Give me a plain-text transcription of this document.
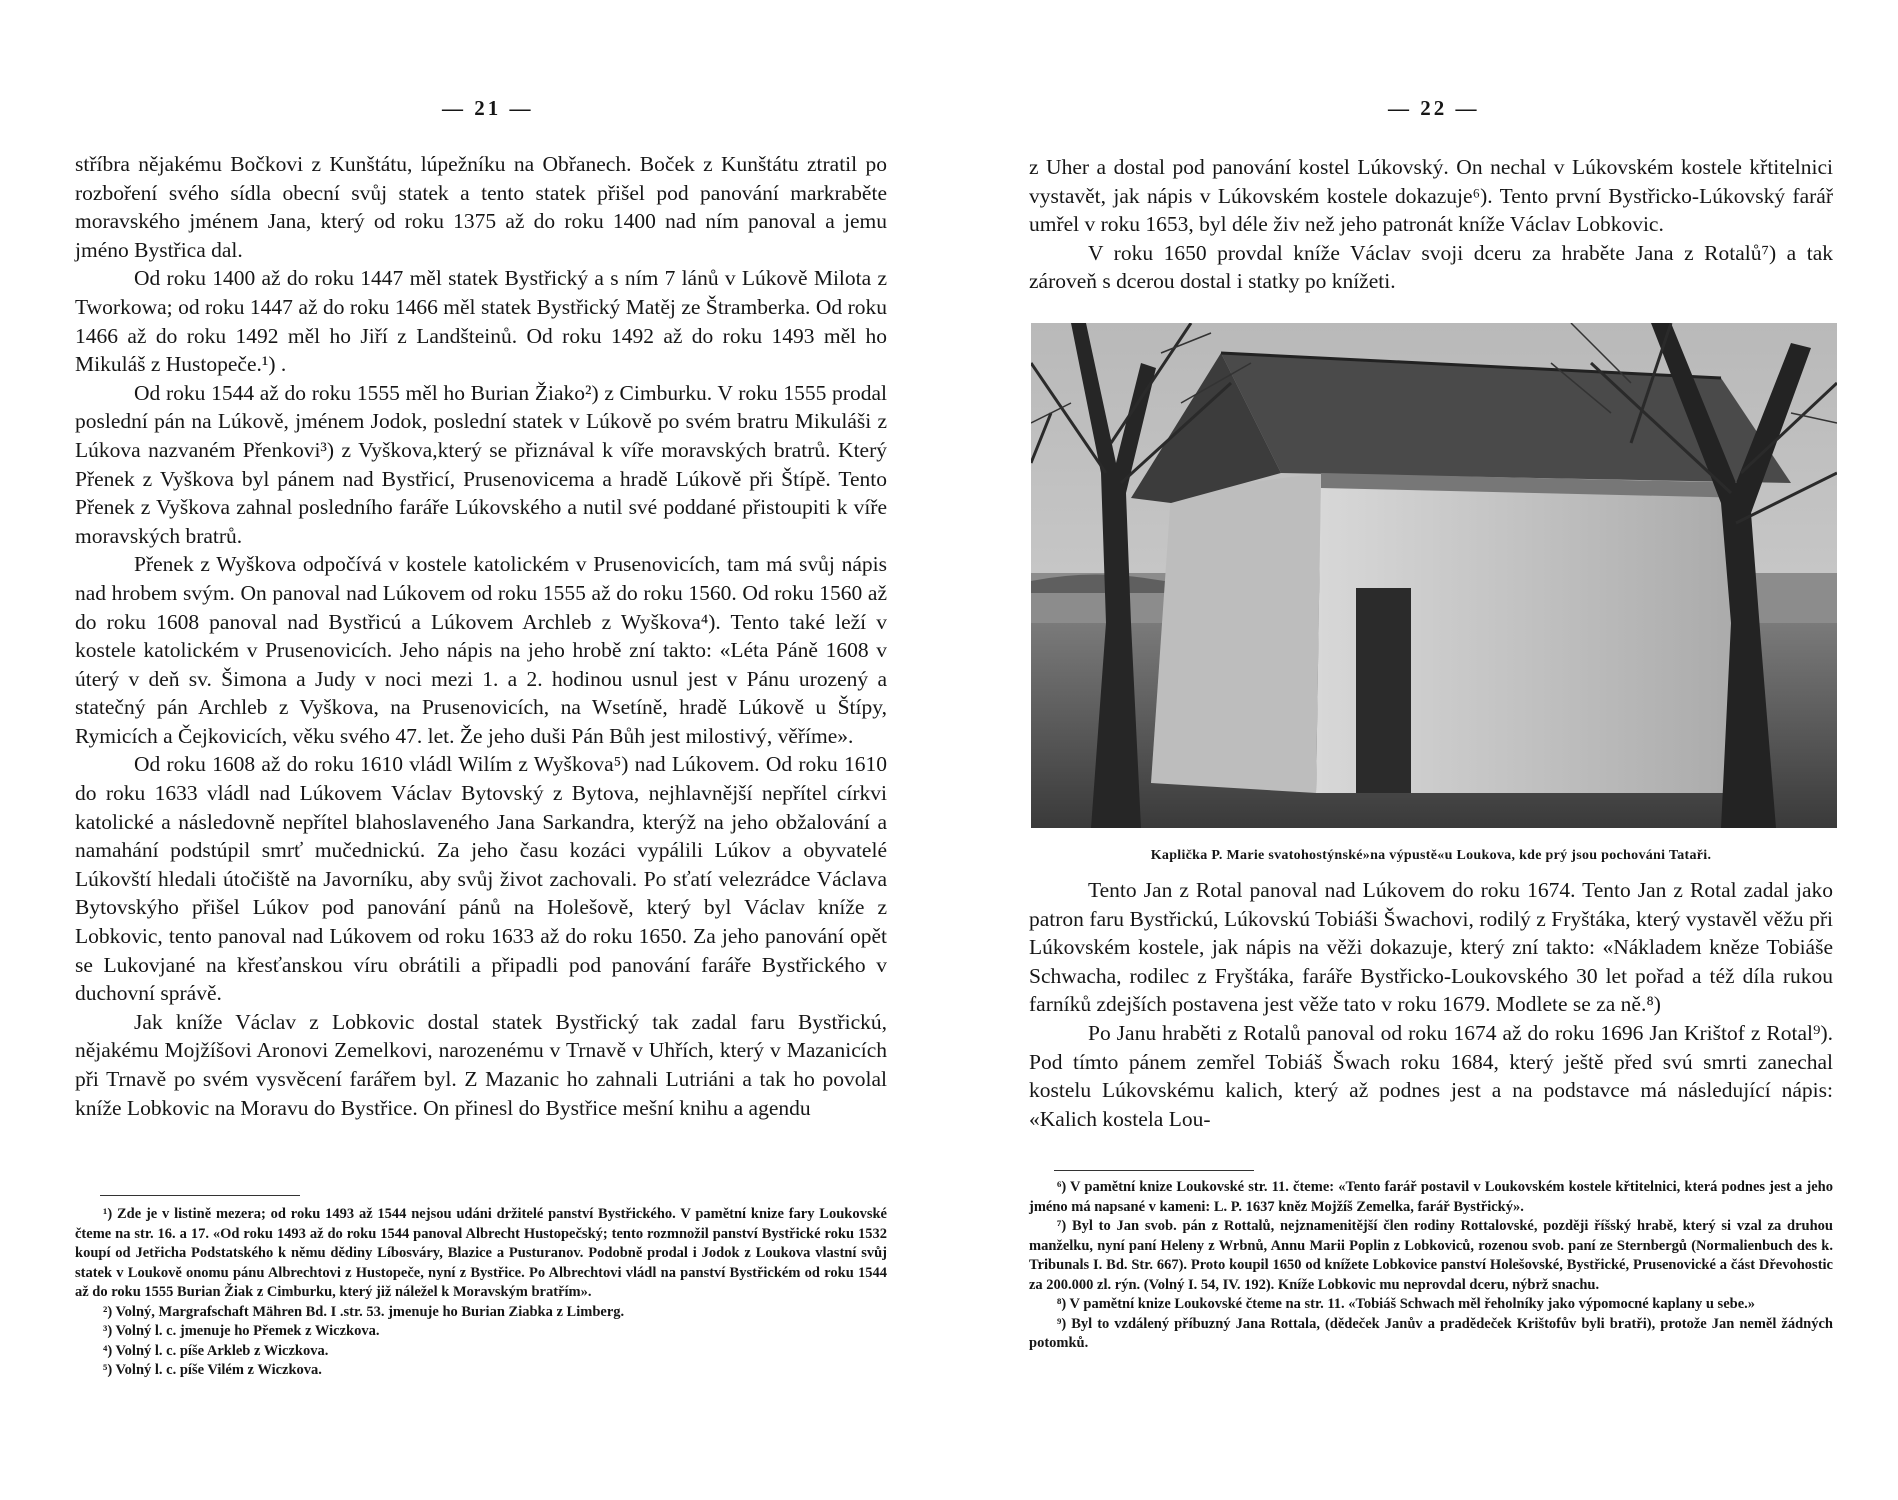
— 21 —

stříbra nějakému Bočkovi z Kunštátu, lúpežníku na Obřanech. Boček z Kunštátu ztratil po rozboření svého sídla obecní svůj statek a tento statek přišel pod panování markraběte moravského jménem Jana, který od roku 1375 až do roku 1400 nad ním panoval a jemu jméno Bystřica dal.

Od roku 1400 až do roku 1447 měl statek Bystřický a s ním 7 lánů v Lúkově Milota z Tworkowa; od roku 1447 až do roku 1466 měl statek Bystřický Matěj ze Štramberka. Od roku 1466 až do roku 1492 měl ho Jiří z Landšteinů. Od roku 1492 až do roku 1493 měl ho Mikuláš z Hustopeče.¹) .

Od roku 1544 až do roku 1555 měl ho Burian Žiako²) z Cimburku. V roku 1555 prodal poslední pán na Lúkově, jménem Jodok, poslední statek v Lúkově po svém bratru Mikuláši z Lúkova nazvaném Přenkovi³) z Vyškova,který se přiznával k víře moravských bratrů. Který Přenek z Vyškova byl pánem nad Bystřicí, Prusenovicema a hradě Lúkově při Štípě. Tento Přenek z Vyškova zahnal posledního faráře Lúkovského a nutil své poddané přistoupiti k víře moravských bratrů.

Přenek z Wyškova odpočívá v kostele katolickém v Prusenovicích, tam má svůj nápis nad hrobem svým. On panoval nad Lúkovem od roku 1555 až do roku 1560. Od roku 1560 až do roku 1608 panoval nad Bystřicú a Lúkovem Archleb z Wyškova⁴). Tento také leží v kostele katolickém v Prusenovicích. Jeho nápis na jeho hrobě zní takto: «Léta Páně 1608 v úterý v deň sv. Šimona a Judy v noci mezi 1. a 2. hodinou usnul jest v Pánu urozený a statečný pán Archleb z Vyškova, na Prusenovicích, na Wsetíně, hradě Lúkově u Štípy, Rymicích a Čejkovicích, věku svého 47. let. Že jeho duši Pán Bůh jest milostivý, věříme».

Od roku 1608 až do roku 1610 vládl Wilím z Wyškova⁵) nad Lúkovem. Od roku 1610 do roku 1633 vládl nad Lúkovem Václav Bytovský z Bytova, nejhlavnější nepřítel církvi katolické a následovně nepřítel blahoslaveného Jana Sarkandra, kterýž na jeho obžalování a namahání podstúpil smrť mučednickú. Za jeho času kozáci vypálili Lúkov a obyvatelé Lúkovští hledali útočiště na Javorníku, aby svůj život zachovali. Po sťatí velezrádce Václava Bytovskýho přišel Lúkov pod panování pánů na Holešově, který byl Václav kníže z Lobkovic, tento panoval nad Lúkovem od roku 1633 až do roku 1650. Za jeho panování opět se Lukovjané na křesťanskou víru obrátili a připadli pod panování faráře Bystřického v duchovní správě.

Jak kníže Václav z Lobkovic dostal statek Bystřický tak zadal faru Bystřickú, nějakému Mojžíšovi Aronovi Zemelkovi, narozenému v Trnavě v Uhřích, který v Mazanicích při Trnavě po svém vysvěcení farářem byl. Z Mazanic ho zahnali Lutriáni a tak ho povolal kníže Lobkovic na Moravu do Bystřice. On přinesl do Bystřice mešní knihu a agendu

¹) Zde je v listině mezera; od roku 1493 až 1544 nejsou udáni držitelé panství Bystřického. V pamětní knize fary Loukovské čteme na str. 16. a 17. «Od roku 1493 až do roku 1544 panoval Albrecht Hustopečský; tento rozmnožil panství Bystřické roku 1532 koupí od Jetřicha Podstatského k němu dědiny Líbosváry, Blazice a Pusturanov. Podobně prodal i Jodok z Loukova vlastní svůj statek v Loukově onomu pánu Albrechtovi z Hustopeče, nyní z Bystřice. Po Albrechtovi vládl na panství Bystřickém od roku 1544 až do roku 1555 Burian Žiak z Cimburku, který již náležel k Moravským bratřím».

²) Volný, Margrafschaft Mähren Bd. I .str. 53. jmenuje ho Burian Ziabka z Limberg.

³) Volný l. c. jmenuje ho Přemek z Wiczkova.

⁴) Volný l. c. píše Arkleb z Wiczkova.

⁵) Volný l. c. píše Vilém z Wiczkova.

— 22 —

z Uher a dostal pod panování kostel Lúkovský. On nechal v Lúkovském kostele křtitelnici vystavět, jak nápis v Lúkovském kostele dokazuje⁶). Tento první Bystřicko-Lúkovský farář umřel v roku 1653, byl déle živ než jeho patronát kníže Václav Lobkovic.

V roku 1650 provdal kníže Václav svoji dceru za hraběte Jana z Rotalů⁷) a tak zároveň s dcerou dostal i statky po knížeti.

Kaplička P. Marie svatohostýnské»na výpustě«u Loukova, kde prý jsou pochováni Tataři.

Tento Jan z Rotal panoval nad Lúkovem do roku 1674. Tento Jan z Rotal zadal jako patron faru Bystřickú, Lúkovskú Tobiáši Šwachovi, rodilý z Fryštáka, který vystavěl věžu při Lúkovském kostele, jak nápis na věži dokazuje, který zní takto: «Nákladem kněze Tobiáše Schwacha, rodilec z Fryštáka, faráře Bystřicko-Loukovského 30 let pořad a též díla rukou farníků zdejších postavena jest věže tato v roku 1679. Modlete se za ně.⁸)

Po Janu hraběti z Rotalů panoval od roku 1674 až do roku 1696 Jan Krištof z Rotal⁹). Pod tímto pánem zemřel Tobiáš Šwach roku 1684, který ještě před svú smrti zanechal kostelu Lúkovskému kalich, který až podnes jest a na podstavce má následující nápis: «Kalich kostela Lou-

⁶) V pamětní knize Loukovské str. 11. čteme: «Tento farář postavil v Loukovském kostele křtitelnici, která podnes jest a jeho jméno má napsané v kameni: L. P. 1637 kněz Mojžíš Zemelka, farář Bystřický».

⁷) Byl to Jan svob. pán z Rottalů, nejznamenitější člen rodiny Rottalovské, později říšský hrabě, který si vzal za druhou manželku, nyní paní Heleny z Wrbnů, Annu Marii Poplin z Lobkoviců, rozenou svob. paní ze Sternbergů (Normalienbuch des k. Tribunals I. Bd. Str. 667). Proto koupil 1650 od knížete Lobkovice panství Holešovské, Bystřické, Prusenovické a část Dřevohostic za 200.000 zl. rýn. (Volný I. 54, IV. 192). Kníže Lobkovic mu neprovdal dceru, nýbrž snachu.

⁸) V pamětní knize Loukovské čteme na str. 11. «Tobiáš Schwach měl řeholníky jako výpomocné kaplany u sebe.»

⁹) Byl to vzdálený příbuzný Jana Rottala, (dědeček Janův a pradědeček Krištofův byli bratři), protože Jan neměl žádných potomků.
